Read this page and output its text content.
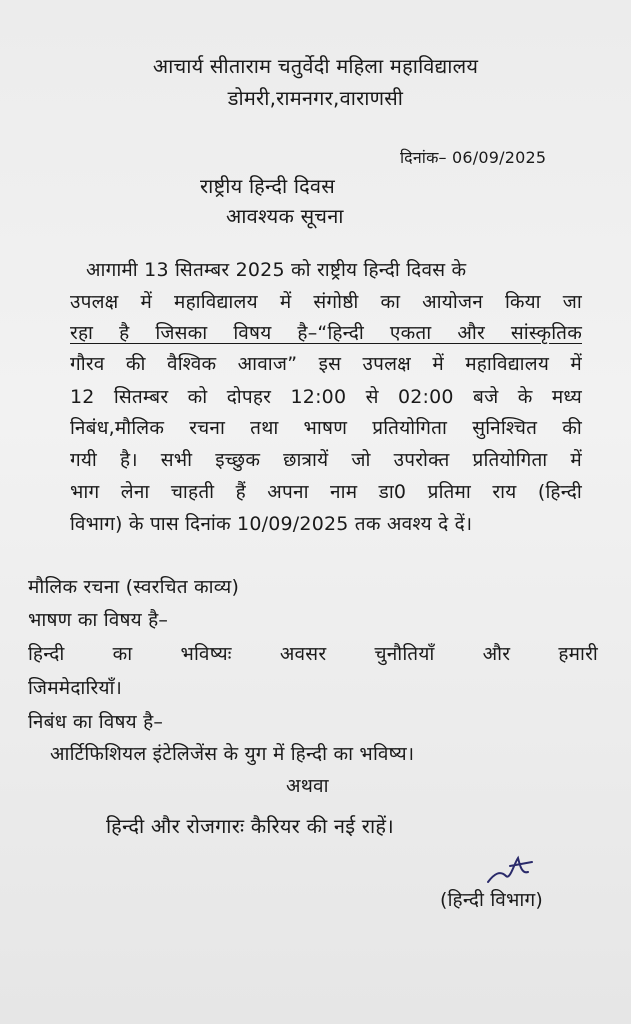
आचार्य सीताराम चतुर्वेदी महिला महाविद्यालय
डोमरी,रामनगर,वाराणसी
दिनांक– 06/09/2025
राष्ट्रीय हिन्दी दिवस
आवश्यक सूचना
आगामी 13 सितम्बर 2025 को राष्ट्रीय हिन्दी दिवस के
उपलक्ष में महाविद्यालय में संगोष्ठी का आयोजन किया जा
रहा है जिसका विषय है–“हिन्दी एकता और सांस्कृतिक
गौरव की वैश्विक आवाज” इस उपलक्ष में महाविद्यालय में
12 सितम्बर को दोपहर 12:00 से 02:00 बजे के मध्य
निबंध,मौलिक रचना तथा भाषण प्रतियोगिता सुनिश्चित की
गयी है। सभी इच्छुक छात्रायें जो उपरोक्त प्रतियोगिता में
भाग लेना चाहती हैं अपना नाम डा0 प्रतिमा राय (हिन्दी
विभाग) के पास दिनांक 10/09/2025 तक अवश्य दे दें।
मौलिक रचना (स्वरचित काव्य)
भाषण का विषय है–
हिन्दी का भविष्यः अवसर चुनौतियाँ और हमारी
जिममेदारियाँ।
निबंध का विषय है–
आर्टिफिशियल इंटेलिजेंस के युग में हिन्दी का भविष्य।
अथवा
हिन्दी और रोजगारः कैरियर की नई राहें।
(हिन्दी विभाग)
